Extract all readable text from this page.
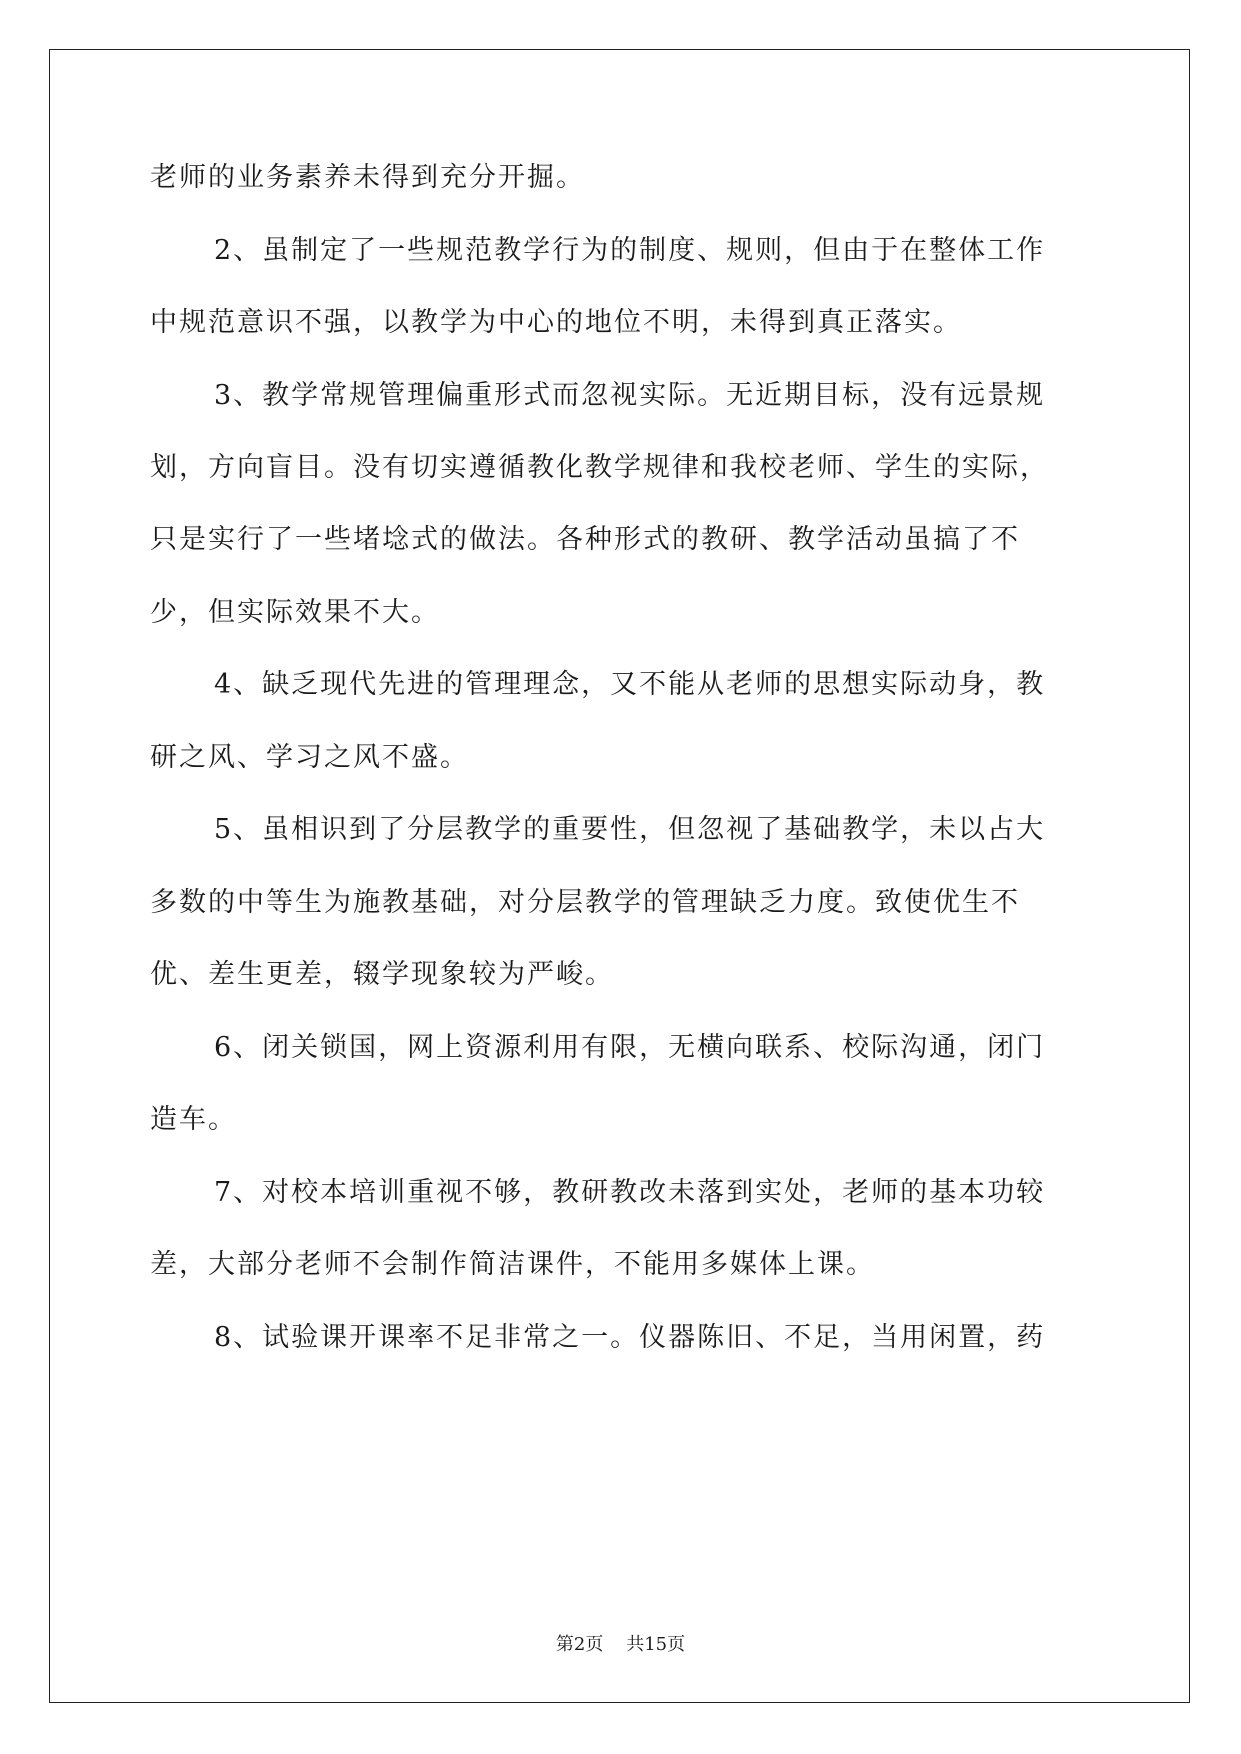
老师的业务素养未得到充分开掘。
2、虽制定了一些规范教学行为的制度、规则，但由于在整体工作
中规范意识不强，以教学为中心的地位不明，未得到真正落实。
3、教学常规管理偏重形式而忽视实际。无近期目标，没有远景规
划，方向盲目。没有切实遵循教化教学规律和我校老师、学生的实际，
只是实行了一些堵埝式的做法。各种形式的教研、教学活动虽搞了不
少，但实际效果不大。
4、缺乏现代先进的管理理念，又不能从老师的思想实际动身，教
研之风、学习之风不盛。
5、虽相识到了分层教学的重要性，但忽视了基础教学，未以占大
多数的中等生为施教基础，对分层教学的管理缺乏力度。致使优生不
优、差生更差，辍学现象较为严峻。
6、闭关锁国，网上资源利用有限，无横向联系、校际沟通，闭门
造车。
7、对校本培训重视不够，教研教改未落到实处，老师的基本功较
差，大部分老师不会制作简洁课件，不能用多媒体上课。
8、试验课开课率不足非常之一。仪器陈旧、不足，当用闲置，药
第2页 共15页
